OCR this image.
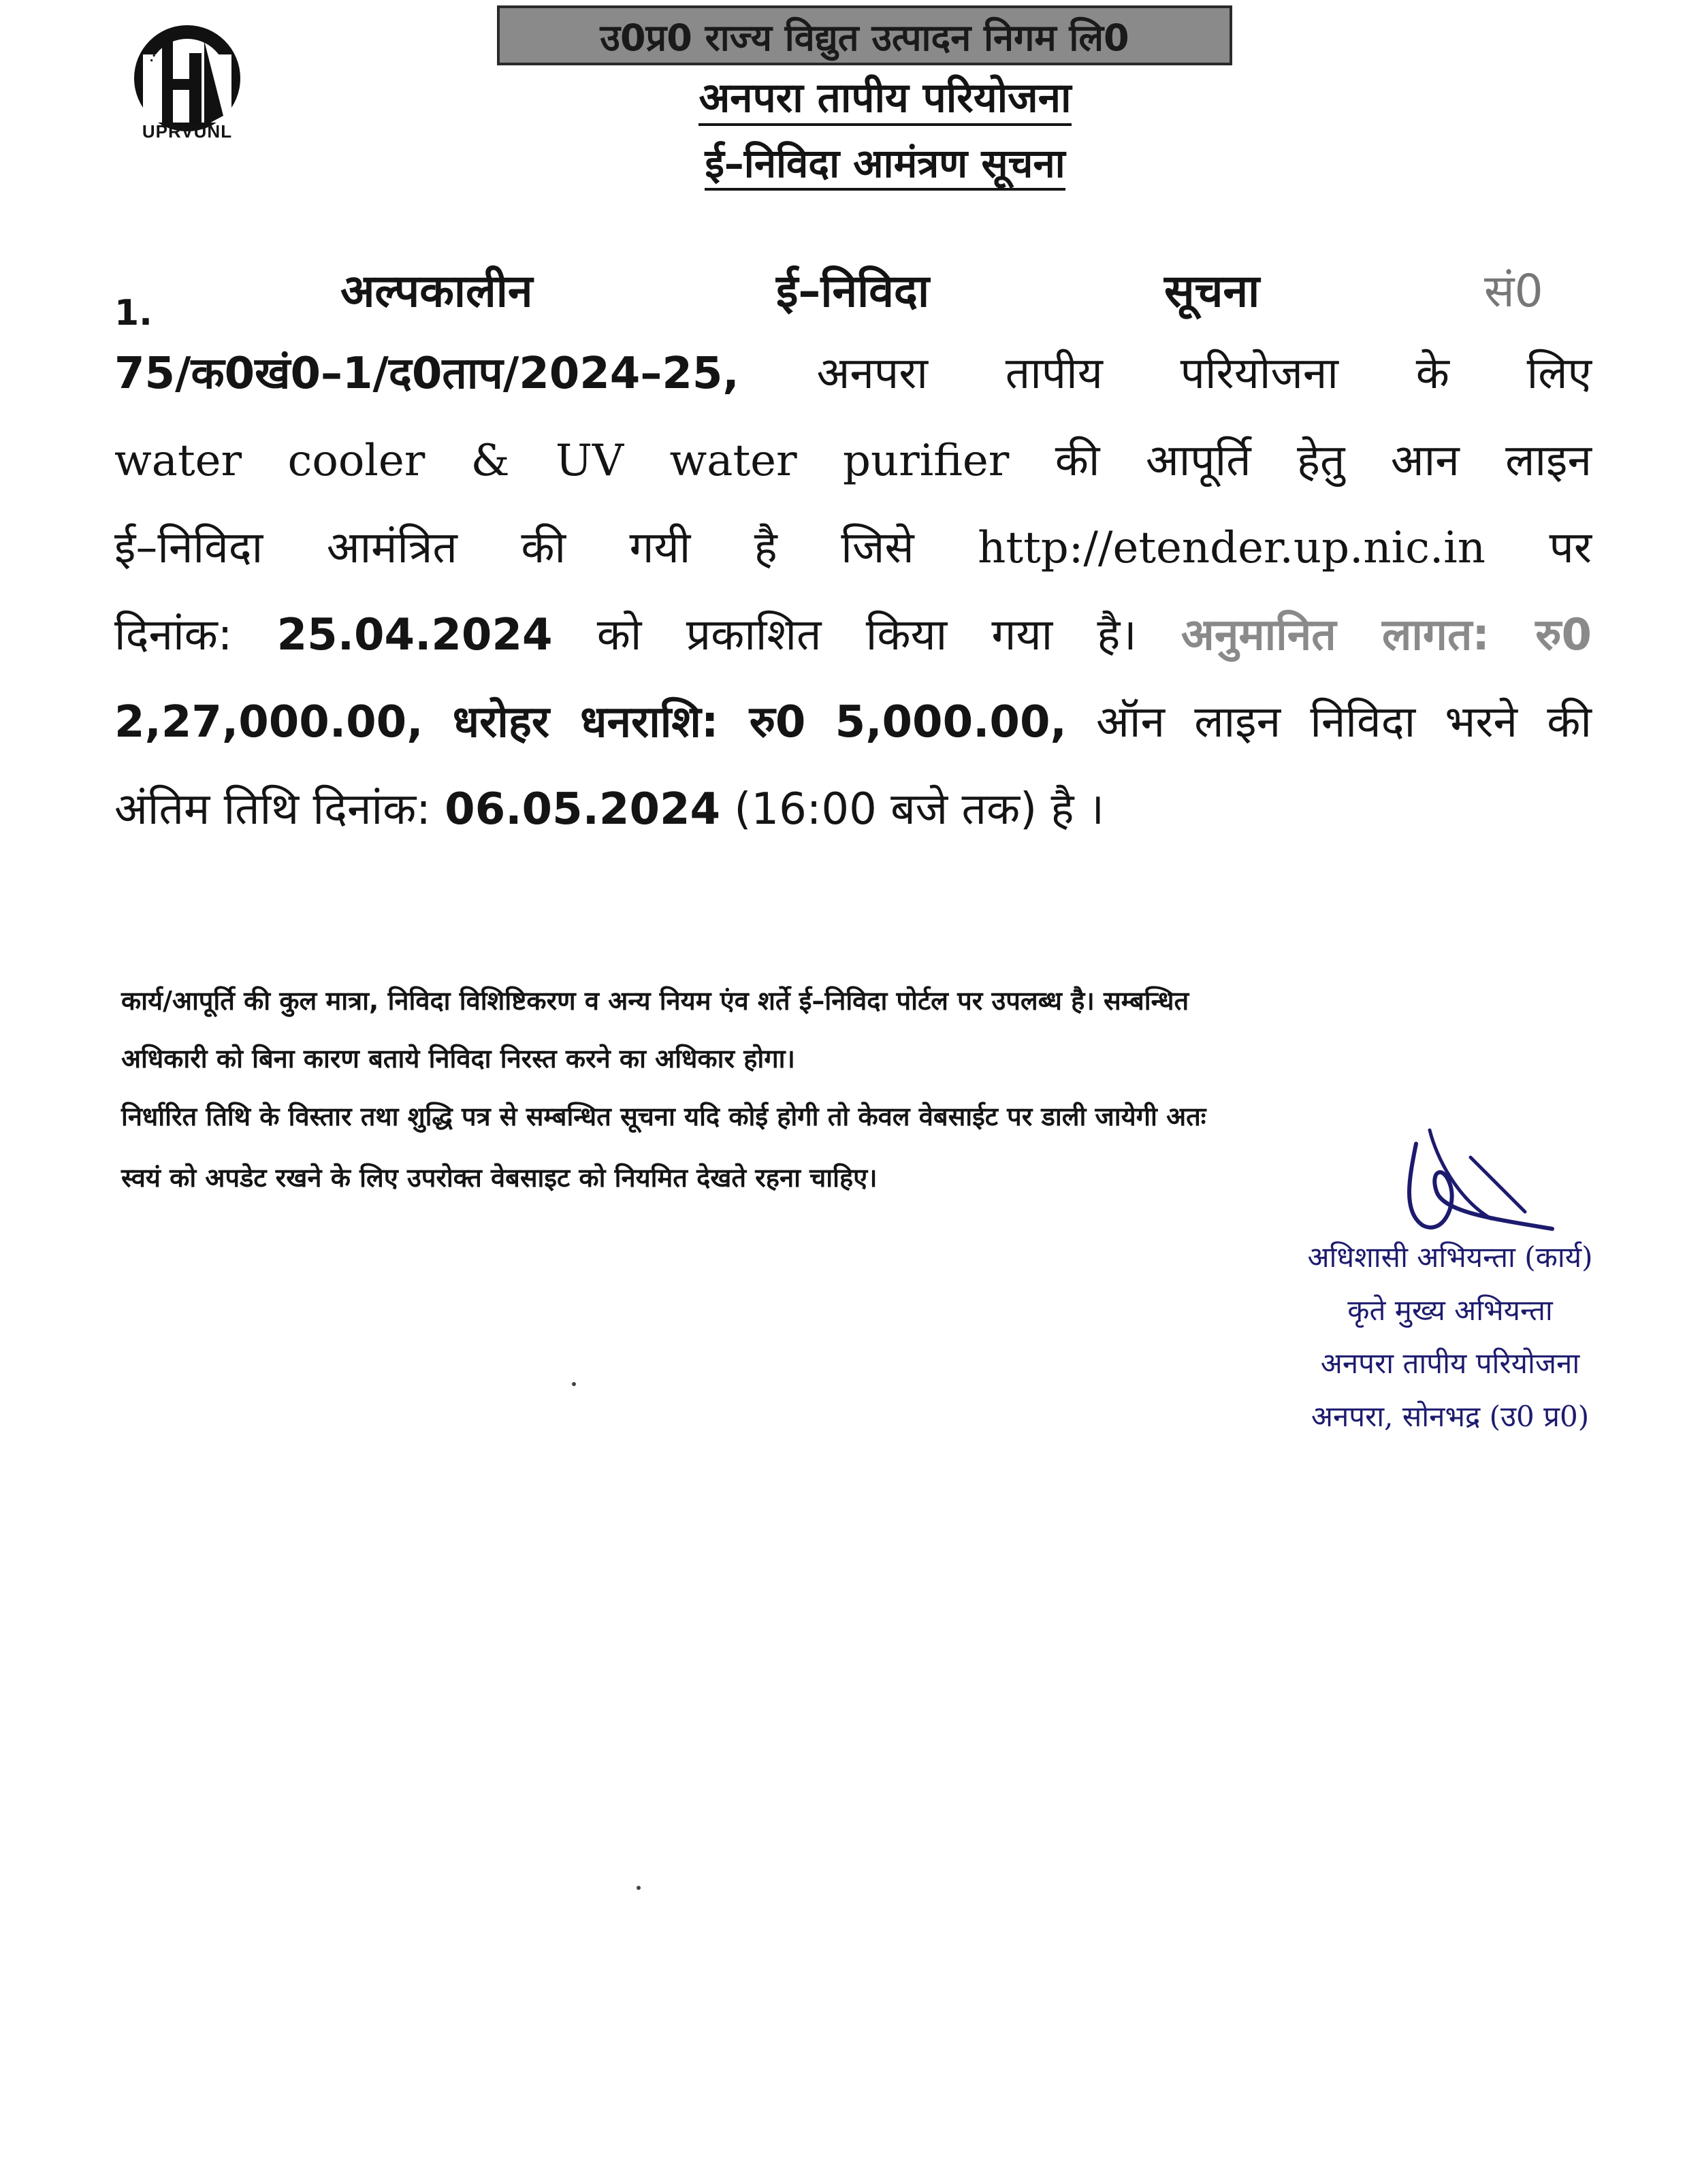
UPRVUNL
उ0प्र0 राज्य विद्युत उत्पादन निगम लि0
अनपरा तापीय परियोजना
ई–निविदा आमंत्रण सूचना
1.	अल्पकालीन	ई–निविदा	सूचना	सं0
75/क0खं0–1/द0ताप/2024–25, अनपरा तापीय परियोजना के लिए
water cooler & UV water purifier की आपूर्ति हेतु आन लाइन
ई–निविदा आमंत्रित की गयी है जिसे http://etender.up.nic.in पर
दिनांक: 25.04.2024 को प्रकाशित किया गया है। अनुमानित लागत: रु0
2,27,000.00, धरोहर धनराशि: रु0 5,000.00, ऑन लाइन निविदा भरने की
अंतिम तिथि दिनांक: 06.05.2024 (16:00 बजे तक) है ।
कार्य/आपूर्ति की कुल मात्रा, निविदा विशिष्टिकरण व अन्य नियम एंव शर्ते ई–निविदा पोर्टल पर उपलब्ध है। सम्बन्धित
अधिकारी को बिना कारण बताये निविदा निरस्त करने का अधिकार होगा।
निर्धारित तिथि के विस्तार तथा शुद्धि पत्र से सम्बन्धित सूचना यदि कोई होगी तो केवल वेबसाईट पर डाली जायेगी अतः
स्वयं को अपडेट रखने के लिए उपरोक्त वेबसाइट को नियमित देखते रहना चाहिए।
अधिशासी अभियन्ता (कार्य)
कृते मुख्य अभियन्ता
अनपरा तापीय परियोजना
अनपरा, सोनभद्र (उ0 प्र0)
